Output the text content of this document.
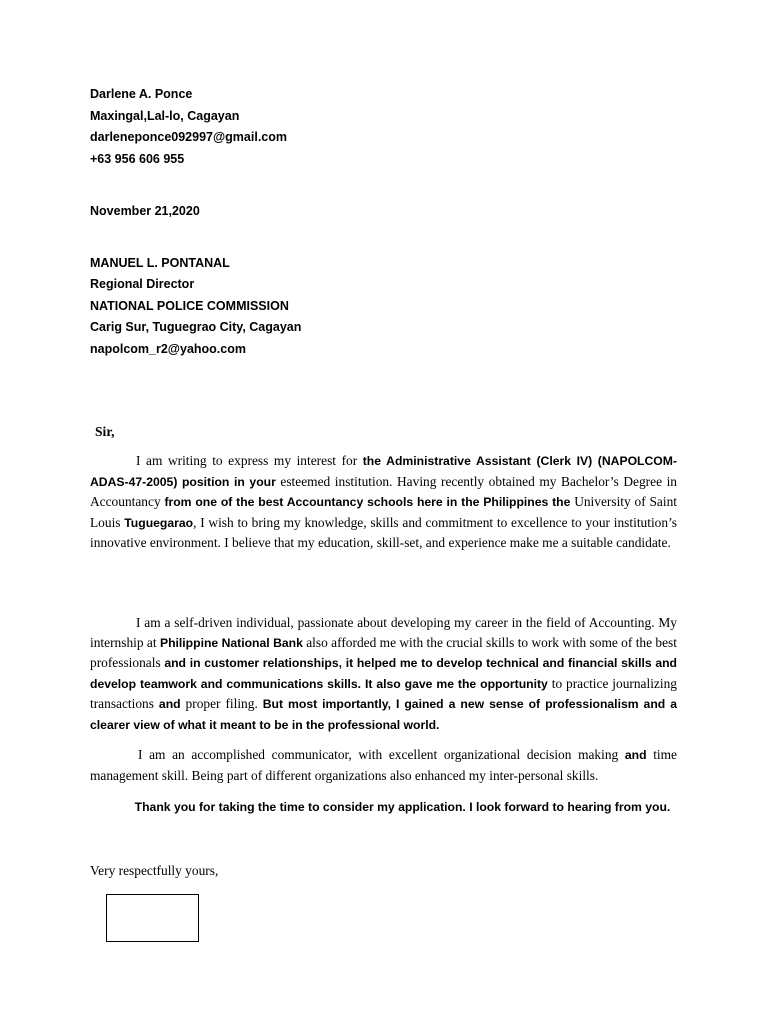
Darlene A. Ponce
Maxingal,Lal-lo, Cagayan
darleneponce092997@gmail.com
+63 956 606 955
November 21,2020
MANUEL L. PONTANAL
Regional Director
NATIONAL POLICE COMMISSION
Carig Sur, Tuguegrao City, Cagayan
napolcom_r2@yahoo.com
Sir,

I am writing to express my interest for the Administrative Assistant (Clerk IV) (NAPOLCOM-ADAS-47-2005) position in your esteemed institution. Having recently obtained my Bachelor’s Degree in Accountancy from one of the best Accountancy schools here in the Philippines the University of Saint Louis Tuguegarao, I wish to bring my knowledge, skills and commitment to excellence to your institution’s innovative environment. I believe that my education, skill-set, and experience make me a suitable candidate.

I am a self-driven individual, passionate about developing my career in the field of Accounting. My internship at Philippine National Bank also afforded me with the crucial skills to work with some of the best professionals and in customer relationships, it helped me to develop technical and financial skills and develop teamwork and communications skills. It also gave me the opportunity to practice journalizing transactions and proper filing. But most importantly, I gained a new sense of professionalism and a clearer view of what it meant to be in the professional world.

I am an accomplished communicator, with excellent organizational decision making and time management skill. Being part of different organizations also enhanced my inter-personal skills.

Thank you for taking the time to consider my application. I look forward to hearing from you.
Very respectfully yours,
